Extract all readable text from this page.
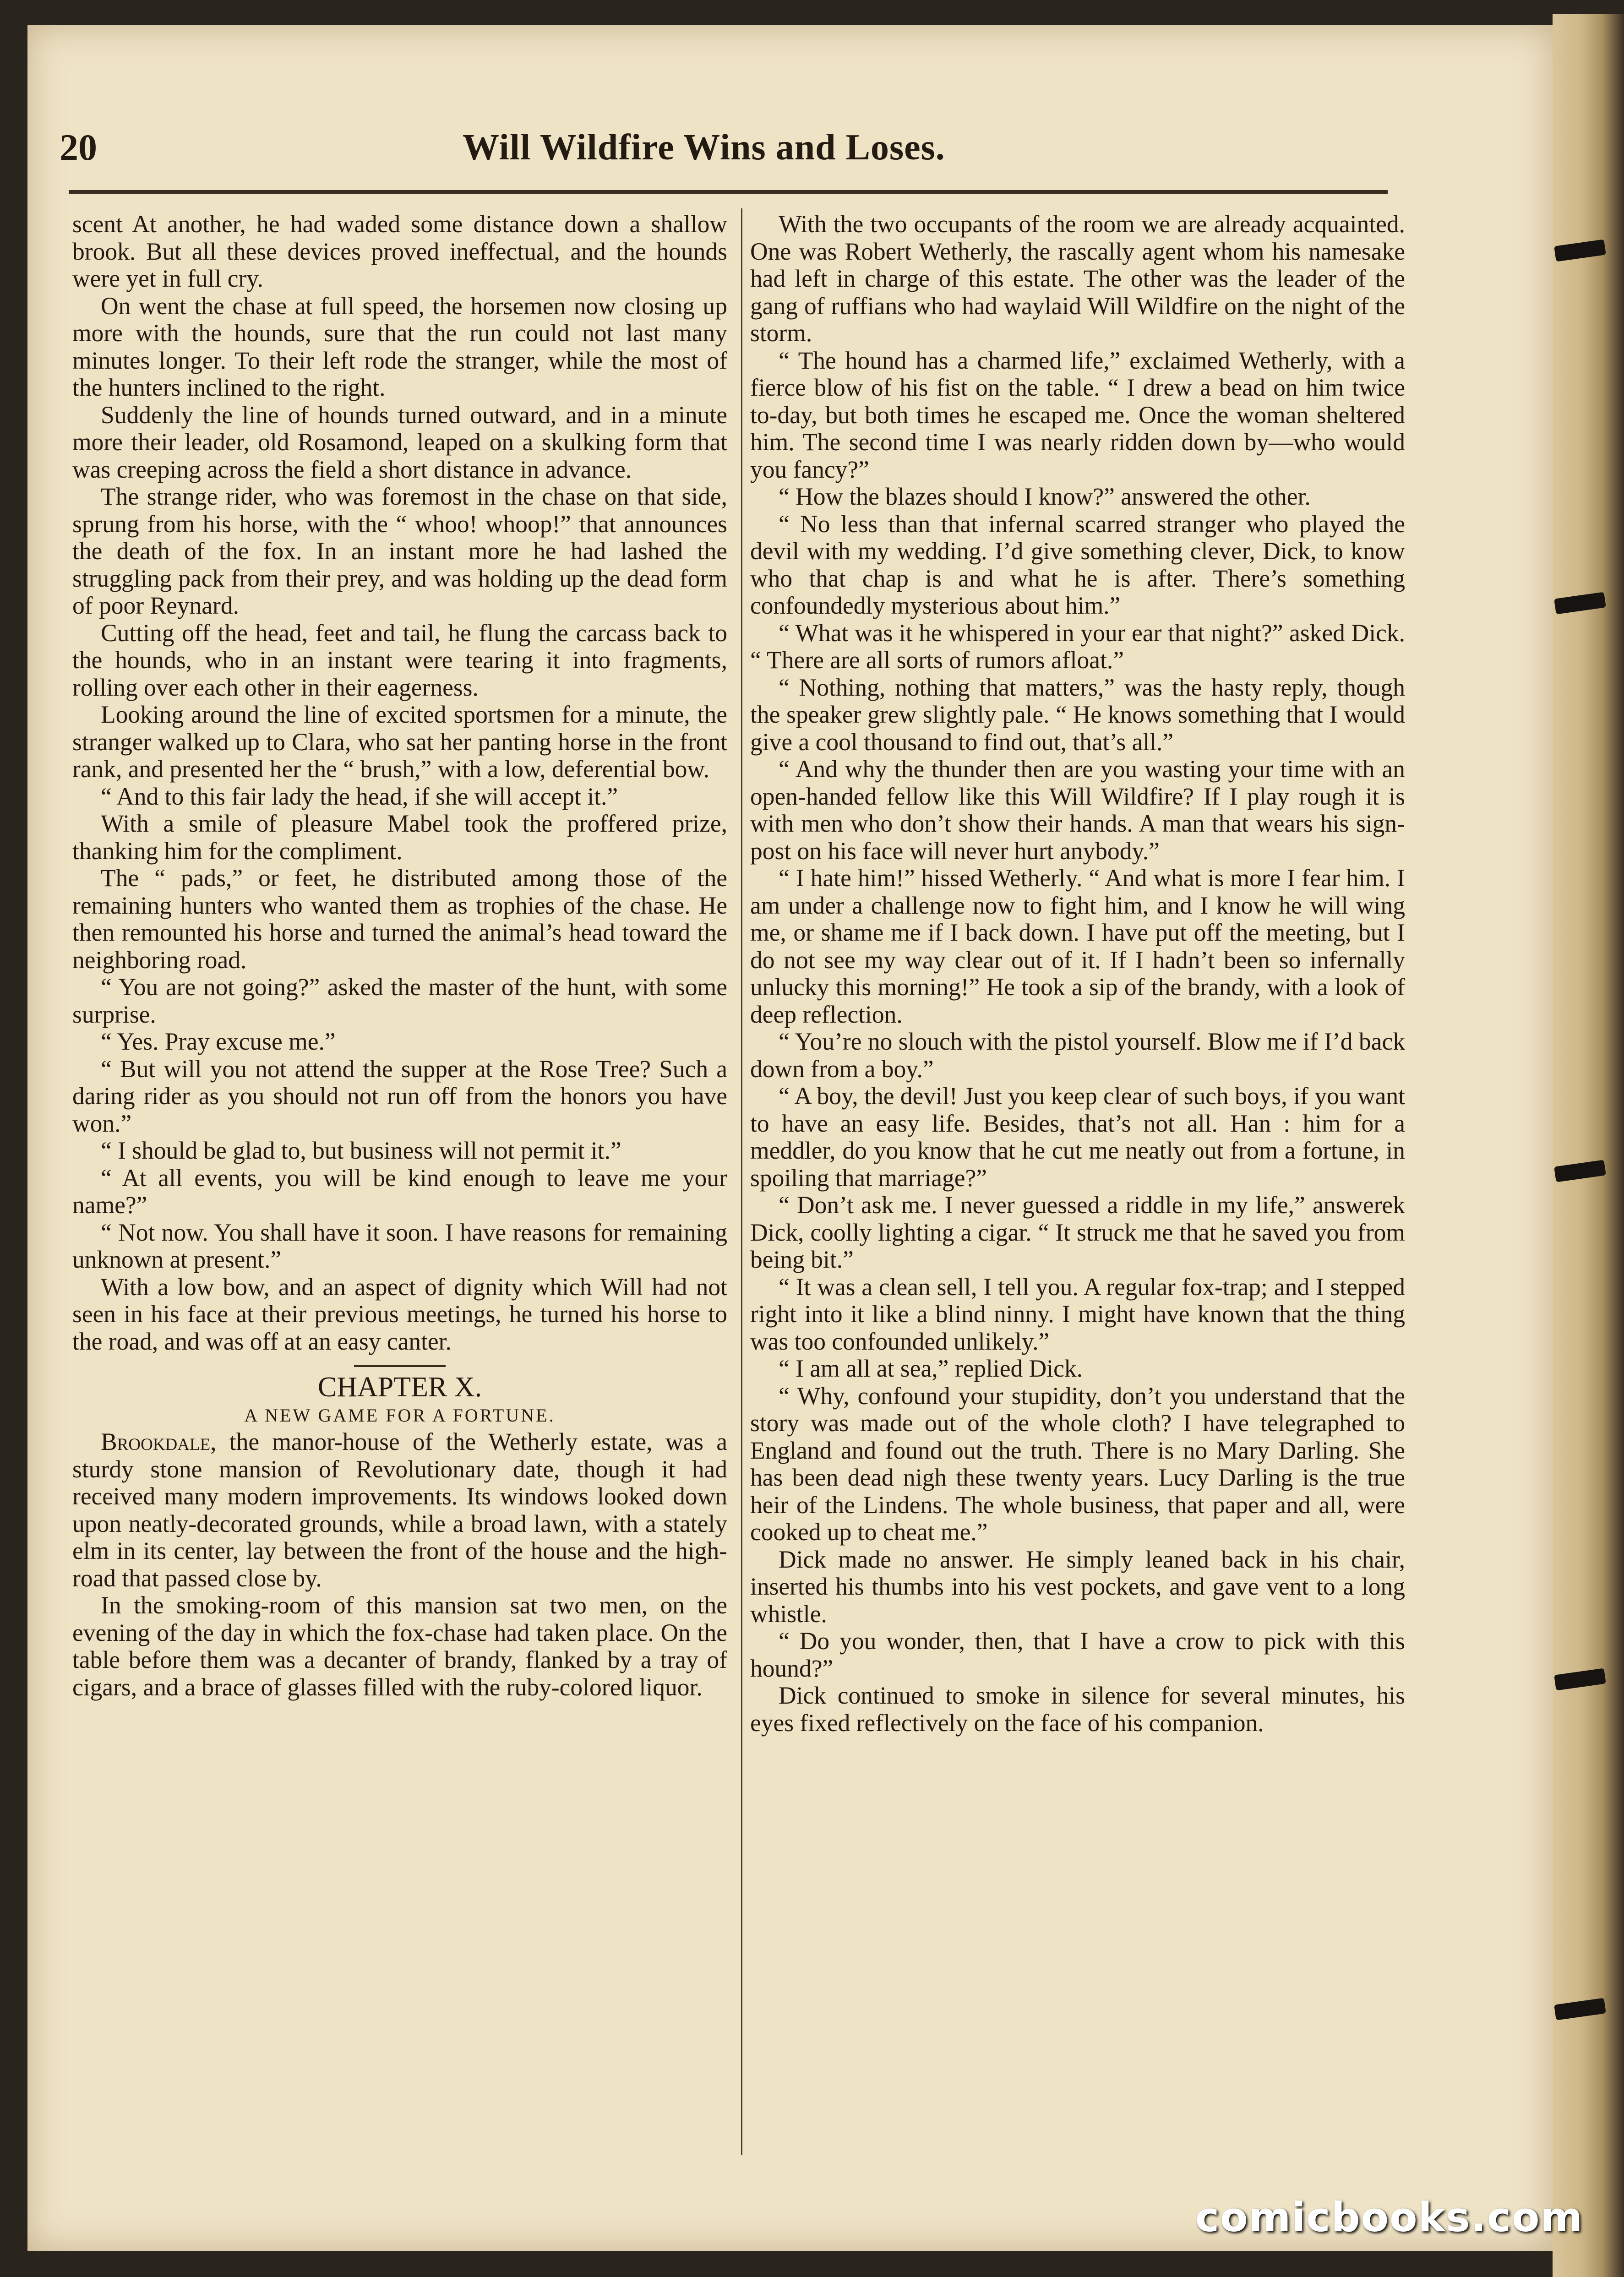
20	Will Wildfire Wins and Loses.

scent At another, he had waded some distance down a shallow brook. But all these devices proved ineffectual, and the hounds were yet in full cry.

On went the chase at full speed, the horsemen now closing up more with the hounds, sure that the run could not last many minutes longer. To their left rode the stranger, while the most of the hunters inclined to the right.

Suddenly the line of hounds turned outward, and in a minute more their leader, old Rosamond, leaped on a skulking form that was creeping across the field a short distance in advance.

The strange rider, who was foremost in the chase on that side, sprung from his horse, with the “ whoo! whoop!” that announces the death of the fox. In an instant more he had lashed the struggling pack from their prey, and was holding up the dead form of poor Reynard.

Cutting off the head, feet and tail, he flung the carcass back to the hounds, who in an instant were tearing it into fragments, rolling over each other in their eagerness.

Looking around the line of excited sportsmen for a minute, the stranger walked up to Clara, who sat her panting horse in the front rank, and presented her the “ brush,” with a low, deferential bow.

“ And to this fair lady the head, if she will accept it.”

With a smile of pleasure Mabel took the proffered prize, thanking him for the compliment.

The “ pads,” or feet, he distributed among those of the remaining hunters who wanted them as trophies of the chase. He then remounted his horse and turned the animal’s head toward the neighboring road.

“ You are not going?” asked the master of the hunt, with some surprise.

“ Yes. Pray excuse me.”

“ But will you not attend the supper at the Rose Tree? Such a daring rider as you should not run off from the honors you have won.”

“ I should be glad to, but business will not permit it.”

“ At all events, you will be kind enough to leave me your name?”

“ Not now. You shall have it soon. I have reasons for remaining unknown at present.”

With a low bow, and an aspect of dignity which Will had not seen in his face at their previous meetings, he turned his horse to the road, and was off at an easy canter.

CHAPTER X.

A NEW GAME FOR A FORTUNE.

Brookdale, the manor-house of the Wetherly estate, was a sturdy stone mansion of Revolutionary date, though it had received many modern improvements. Its windows looked down upon neatly-decorated grounds, while a broad lawn, with a stately elm in its center, lay between the front of the house and the high-road that passed close by.

In the smoking-room of this mansion sat two men, on the evening of the day in which the fox-chase had taken place. On the table before them was a decanter of brandy, flanked by a tray of cigars, and a brace of glasses filled with the ruby-colored liquor.

With the two occupants of the room we are already acquainted. One was Robert Wetherly, the rascally agent whom his namesake had left in charge of this estate. The other was the leader of the gang of ruffians who had waylaid Will Wildfire on the night of the storm.

“ The hound has a charmed life,” exclaimed Wetherly, with a fierce blow of his fist on the table. “ I drew a bead on him twice to-day, but both times he escaped me. Once the woman sheltered him. The second time I was nearly ridden down by—who would you fancy?”

“ How the blazes should I know?” answered the other.

“ No less than that infernal scarred stranger who played the devil with my wedding. I’d give something clever, Dick, to know who that chap is and what he is after. There’s something confoundedly mysterious about him.”

“ What was it he whispered in your ear that night?” asked Dick. “ There are all sorts of rumors afloat.”

“ Nothing, nothing that matters,” was the hasty reply, though the speaker grew slightly pale. “ He knows something that I would give a cool thousand to find out, that’s all.”

“ And why the thunder then are you wasting your time with an open-handed fellow like this Will Wildfire? If I play rough it is with men who don’t show their hands. A man that wears his sign-post on his face will never hurt anybody.”

“ I hate him!” hissed Wetherly. “ And what is more I fear him. I am under a challenge now to fight him, and I know he will wing me, or shame me if I back down. I have put off the meeting, but I do not see my way clear out of it. If I hadn’t been so infernally unlucky this morning!” He took a sip of the brandy, with a look of deep reflection.

“ You’re no slouch with the pistol yourself. Blow me if I’d back down from a boy.”

“ A boy, the devil! Just you keep clear of such boys, if you want to have an easy life. Besides, that’s not all. Han : him for a meddler, do you know that he cut me neatly out from a fortune, in spoiling that marriage?”

“ Don’t ask me. I never guessed a riddle in my life,” answerek Dick, coolly lighting a cigar. “ It struck me that he saved you from being bit.”

“ It was a clean sell, I tell you. A regular fox-trap; and I stepped right into it like a blind ninny. I might have known that the thing was too confounded unlikely.”

“ I am all at sea,” replied Dick.

“ Why, confound your stupidity, don’t you understand that the story was made out of the whole cloth? I have telegraphed to England and found out the truth. There is no Mary Darling. She has been dead nigh these twenty years. Lucy Darling is the true heir of the Lindens. The whole business, that paper and all, were cooked up to cheat me.”

Dick made no answer. He simply leaned back in his chair, inserted his thumbs into his vest pockets, and gave vent to a long whistle.

“ Do you wonder, then, that I have a crow to pick with this hound?”

Dick continued to smoke in silence for several minutes, his eyes fixed reflectively on the face of his companion.

comicbooks.com
